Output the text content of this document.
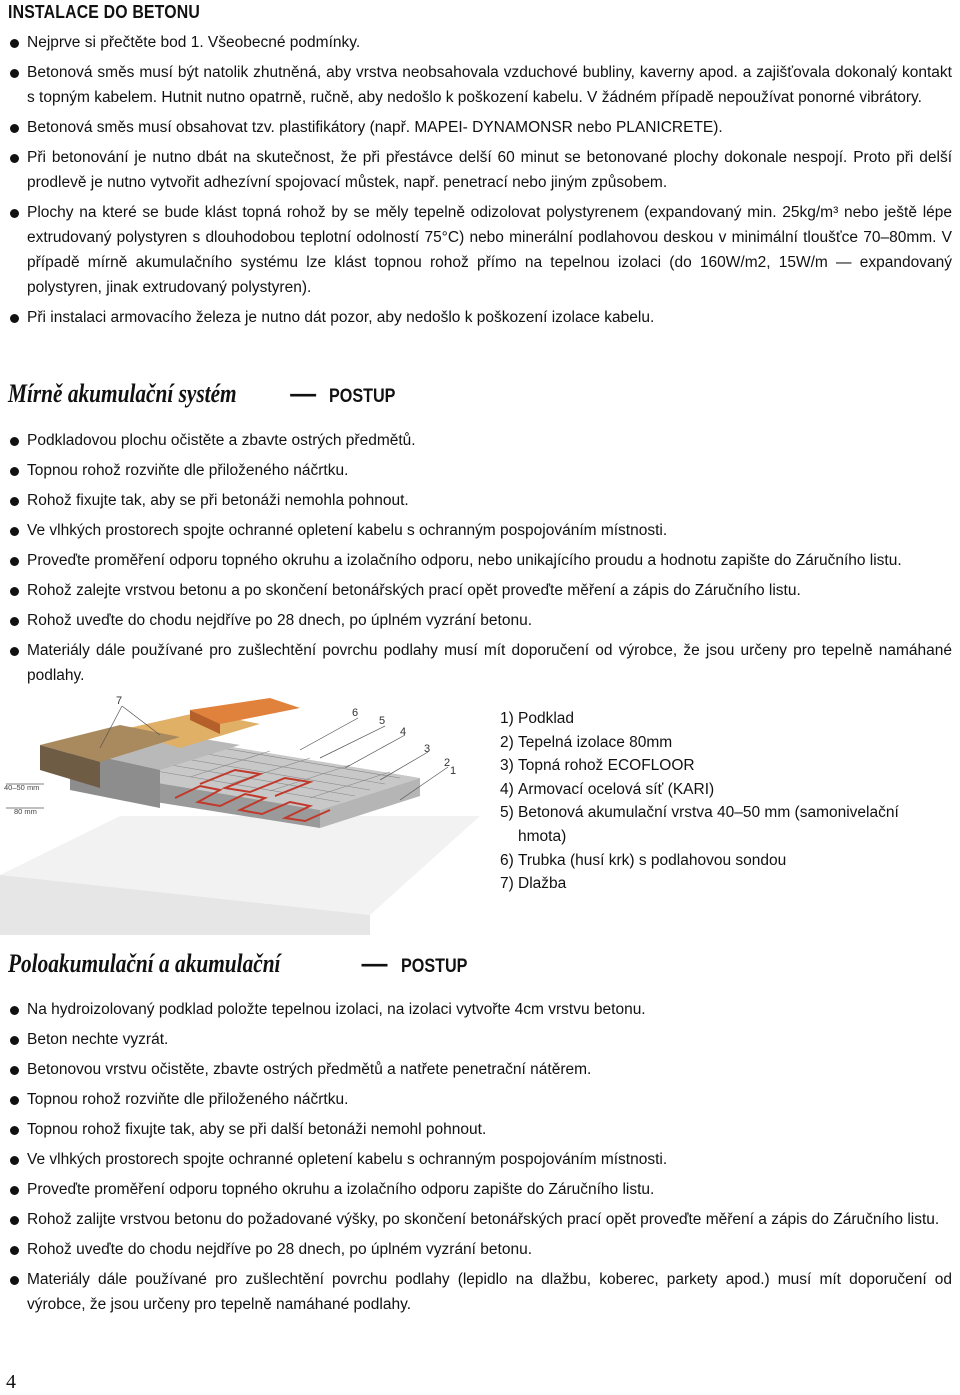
INSTALACE DO BETONU
Nejprve si přečtěte bod 1. Všeobecné podmínky.
Betonová směs musí být natolik zhutněná, aby vrstva neobsahovala vzduchové bubliny, kaverny apod. a zajišťovala dokonalý kontakt s topným kabelem. Hutnit nutno opatrně, ručně, aby nedošlo k poškození kabelu. V žádném případě nepoužívat ponorné vibrátory.
Betonová směs musí obsahovat tzv. plastifikátory (např. MAPEI- DYNAMONSR nebo PLANICRETE).
Při betonování je nutno dbát na skutečnost, že při přestávce delší 60 minut se betonované plochy dokonale nespojí. Proto při delší prodlevě je nutno vytvořit adhezívní spojovací můstek, např. penetrací nebo jiným způsobem.
Plochy na které se bude klást topná rohož by se měly tepelně odizolovat polystyrenem (expandovaný min. 25kg/m³ nebo ještě lépe extrudovaný polystyren s dlouhodobou teplotní odolností 75°C) nebo minerální podlahovou deskou v minimální tloušťce 70–80mm. V případě mírně akumulačního systému lze klást topnou rohož přímo na tepelnou izolaci (do 160W/m2, 15W/m — expandovaný polystyren, jinak extrudovaný polystyren).
Při instalaci armovacího železa je nutno dát pozor, aby nedošlo k poškození izolace kabelu.
Mírně akumulační systém — POSTUP
Podkladovou plochu očistěte a zbavte ostrých předmětů.
Topnou rohož rozviňte dle přiloženého náčrtku.
Rohož fixujte tak, aby se při betonáži nemohla pohnout.
Ve vlhkých prostorech spojte ochranné opletení kabelu s ochranným pospojováním místnosti.
Proveďte proměření odporu topného okruhu a izolačního odporu, nebo unikajícího proudu a hodnotu zapište do Záručního listu.
Rohož zalejte vrstvou betonu a po skončení betonářských prací opět proveďte měření a zápis do Záručního listu.
Rohož uveďte do chodu nejdříve po 28 dnech, po úplném vyzrání betonu.
Materiály dále používané pro zušlechtění povrchu podlahy musí mít doporučení od výrobce, že jsou určeny pro tepelně namáhané podlahy.
7
6
5
4
3
2
1
40–50 mm
80 mm
1) Podklad
2) Tepelná izolace 80mm
3) Topná rohož ECOFLOOR
4) Armovací ocelová síť (KARI)
5) Betonová akumulační vrstva 40–50 mm (samonivelační hmota)
6) Trubka (husí krk) s podlahovou sondou
7) Dlažba
Poloakumulační a akumulační	— POSTUP
Na hydroizolovaný podklad položte tepelnou izolaci, na izolaci vytvořte 4cm vrstvu betonu.
Beton nechte vyzrát.
Betonovou vrstvu očistěte, zbavte ostrých předmětů a natřete penetrační nátěrem.
Topnou rohož rozviňte dle přiloženého náčrtku.
Topnou rohož fixujte tak, aby se při další betonáži nemohl pohnout.
Ve vlhkých prostorech spojte ochranné opletení kabelu s ochranným pospojováním místnosti.
Proveďte proměření odporu topného okruhu a izolačního odporu zapište do Záručního listu.
Rohož zalijte vrstvou betonu do požadované výšky, po skončení betonářských prací opět proveďte měření a zápis do Záručního listu.
Rohož uveďte do chodu nejdříve po 28 dnech, po úplném vyzrání betonu.
Materiály dále používané pro zušlechtění povrchu podlahy (lepidlo na dlažbu, koberec, parkety apod.) musí mít doporučení od výrobce, že jsou určeny pro tepelně namáhané podlahy.
4
